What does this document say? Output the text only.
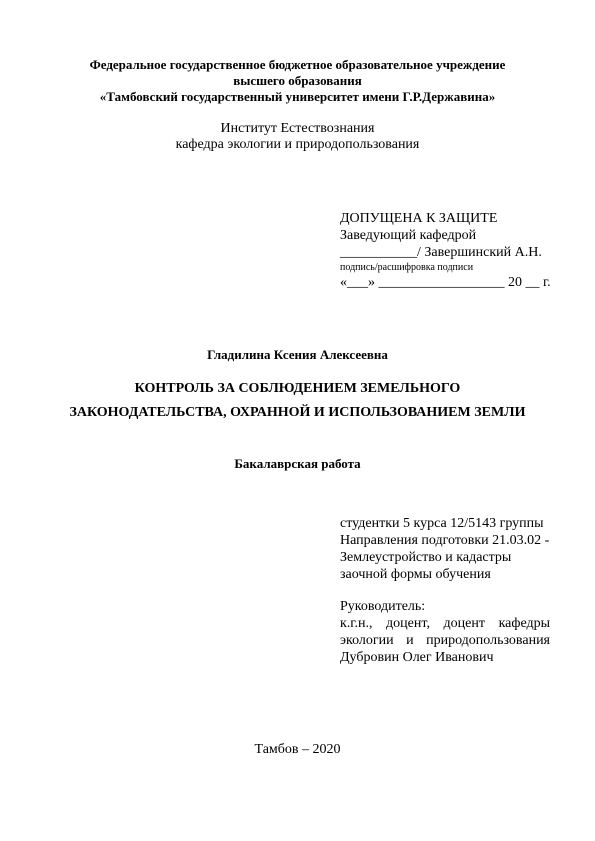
Федеральное государственное бюджетное образовательное учреждение
высшего образования
«Тамбовский государственный университет имени Г.Р.Державина»
Институт Естествознания
кафедра экологии и природопользования
ДОПУЩЕНА К ЗАЩИТЕ
Заведующий кафедрой
___________/ Завершинский А.Н.
подпись/расшифровка подписи
«___» __________________ 20 __ г.
Гладилина Ксения Алексеевна
КОНТРОЛЬ ЗА СОБЛЮДЕНИЕМ ЗЕМЕЛЬНОГО
ЗАКОНОДАТЕЛЬСТВА, ОХРАННОЙ И ИСПОЛЬЗОВАНИЕМ ЗЕМЛИ
Бакалаврская работа
студентки 5 курса 12/5143 группы
Направления подготовки 21.03.02 -
Землеустройство и кадастры
заочной формы обучения
Руководитель:
к.г.н., доцент, доцент кафедры
экологии и природопользования
Дубровин Олег Иванович
Тамбов – 2020
